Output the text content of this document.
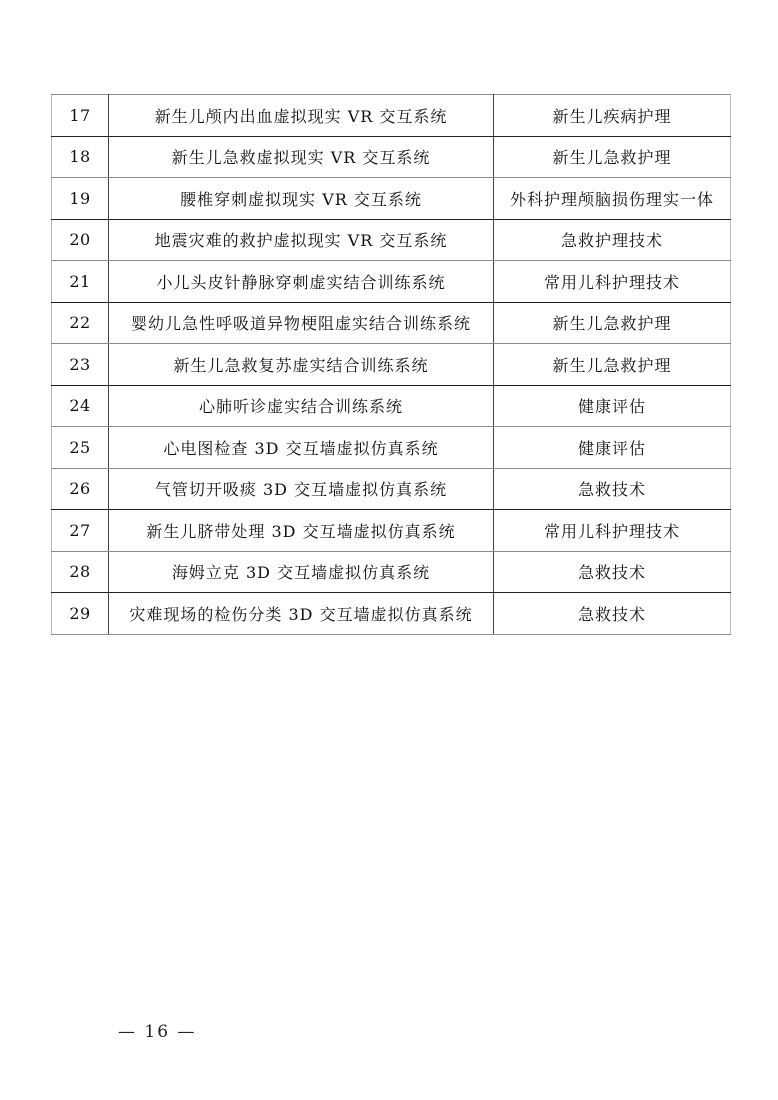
17	新生儿颅内出血虚拟现实 VR 交互系统	新生儿疾病护理
18	新生儿急救虚拟现实 VR 交互系统	新生儿急救护理
19	腰椎穿刺虚拟现实 VR 交互系统	外科护理颅脑损伤理实一体
20	地震灾难的救护虚拟现实 VR 交互系统	急救护理技术
21	小儿头皮针静脉穿刺虚实结合训练系统	常用儿科护理技术
22	婴幼儿急性呼吸道异物梗阻虚实结合训练系统	新生儿急救护理
23	新生儿急救复苏虚实结合训练系统	新生儿急救护理
24	心肺听诊虚实结合训练系统	健康评估
25	心电图检查 3D 交互墙虚拟仿真系统	健康评估
26	气管切开吸痰 3D 交互墙虚拟仿真系统	急救技术
27	新生儿脐带处理 3D 交互墙虚拟仿真系统	常用儿科护理技术
28	海姆立克 3D 交互墙虚拟仿真系统	急救技术
29	灾难现场的检伤分类 3D 交互墙虚拟仿真系统	急救技术
— 16 —
